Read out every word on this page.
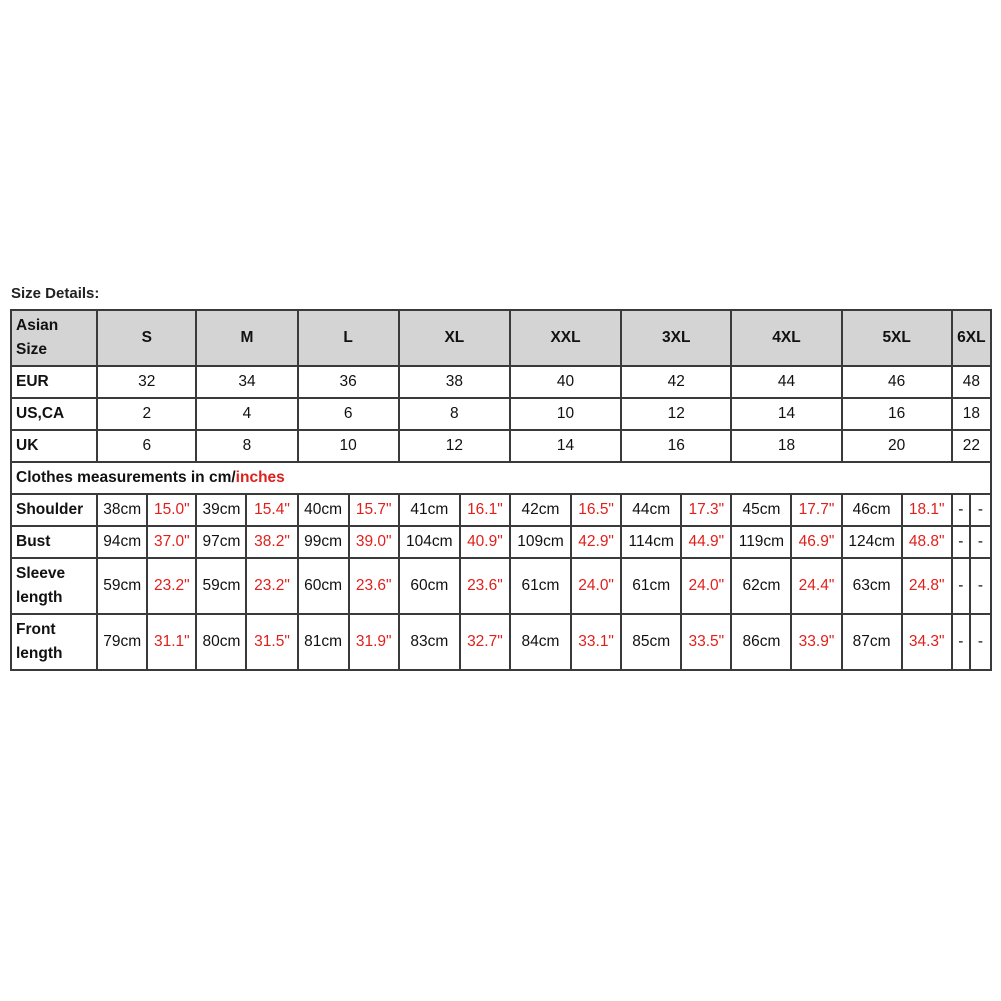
Size Details:
Asian Size	S		M		L		XL		XXL		3XL		4XL		5XL		6XL	
EUR	32		34		36		38		40		42		44		46		48	
US,CA	2		4		6		8		10		12		14		16		18	
UK	6		8		10		12		14		16		18		20		22	
Clothes measurements in cm/inches																		
Shoulder	38cm	15.0"	39cm	15.4"	40cm	15.7"	41cm	16.1"	42cm	16.5"	44cm	17.3"	45cm	17.7"	46cm	18.1"	-	-
Bust	94cm	37.0"	97cm	38.2"	99cm	39.0"	104cm	40.9"	109cm	42.9"	114cm	44.9"	119cm	46.9"	124cm	48.8"	-	-
Sleeve length	59cm	23.2"	59cm	23.2"	60cm	23.6"	60cm	23.6"	61cm	24.0"	61cm	24.0"	62cm	24.4"	63cm	24.8"	-	-
Front length	79cm	31.1"	80cm	31.5"	81cm	31.9"	83cm	32.7"	84cm	33.1"	85cm	33.5"	86cm	33.9"	87cm	34.3"	-	-
